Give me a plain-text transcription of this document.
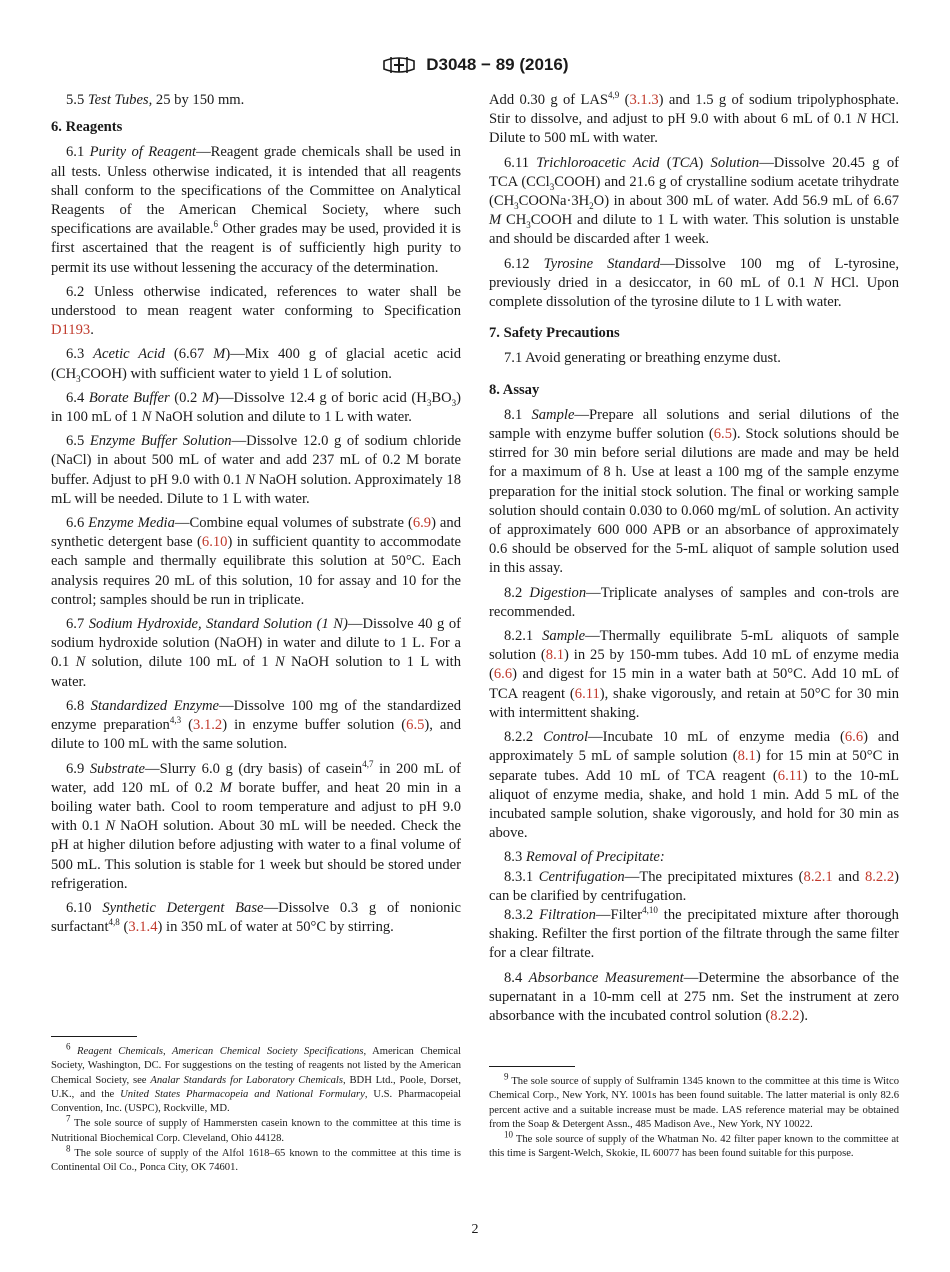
D3048 − 89 (2016)

5.5 Test Tubes, 25 by 150 mm.

6. Reagents

6.1 Purity of Reagent—Reagent grade chemicals shall be used in all tests. Unless otherwise indicated, it is intended that all reagents shall conform to the specifications of the Committee on Analytical Reagents of the American Chemical Society, where such specifications are available.$^6$ Other grades may be used, provided it is first ascertained that the reagent is of sufficiently high purity to permit its use without lessening the accuracy of the determination.

6.2 Unless otherwise indicated, references to water shall be understood to mean reagent water conforming to Specification D1193.

6.3 Acetic Acid (6.67 M)—Mix 400 g of glacial acetic acid $(CH_3COOH)$ with sufficient water to yield 1 L of solution.

6.4 Borate Buffer (0.2 M)—Dissolve 12.4 g of boric acid $(H_3BO_3)$ in 100 mL of 1 N NaOH solution and dilute to 1 L with water.

6.5 Enzyme Buffer Solution—Dissolve 12.0 g of sodium chloride (NaCl) in about 500 mL of water and add 237 mL of 0.2 M borate buffer. Adjust to pH 9.0 with 0.1 N NaOH solution. Approximately 18 mL will be needed. Dilute to 1 L with water.

6.6 Enzyme Media—Combine equal volumes of substrate (6.9) and synthetic detergent base (6.10) in sufficient quantity to accommodate each sample and thermally equilibrate this solution at 50°C. Each analysis requires 20 mL of this solution, 10 for assay and 10 for the control; samples should be run in triplicate.

6.7 Sodium Hydroxide, Standard Solution (1 N)—Dissolve 40 g of sodium hydroxide solution (NaOH) in water and dilute to 1 L. For a 0.1 N solution, dilute 100 mL of 1 N NaOH solution to 1 L with water.

6.8 Standardized Enzyme—Dissolve 100 mg of the standardized enzyme preparation$^{4,3}$ (3.1.2) in enzyme buffer solution (6.5), and dilute to 100 mL with the same solution.

6.9 Substrate—Slurry 6.0 g (dry basis) of casein$^{4,7}$ in 200 mL of water, add 120 mL of 0.2 M borate buffer, and heat 20 min in a boiling water bath. Cool to room temperature and adjust to pH 9.0 with 0.1 N NaOH solution. About 30 mL will be needed. Check the pH at higher dilution before adjusting with water to a final volume of 500 mL. This solution is stable for 1 week but should be stored under refrigeration.

6.10 Synthetic Detergent Base—Dissolve 0.3 g of nonionic surfactant$^{4,8}$ (3.1.4) in 350 mL of water at 50°C by stirring.

Add 0.30 g of LAS$^{4,9}$ (3.1.3) and 1.5 g of sodium tripolyphosphate. Stir to dissolve, and adjust to pH 9.0 with about 6 mL of 0.1 N HCl. Dilute to 500 mL with water.

6.11 Trichloroacetic Acid (TCA) Solution—Dissolve 20.45 g of TCA (CCl$_3$COOH) and 21.6 g of crystalline sodium acetate trihydrate $(CH_3COONa\cdot 3H_2O)$ in about 300 mL of water. Add 56.9 mL of 6.67 M $CH_3COOH$ and dilute to 1 L with water. This solution is unstable and should be discarded after 1 week.

6.12 Tyrosine Standard—Dissolve 100 mg of L-tyrosine, previously dried in a desiccator, in 60 mL of 0.1 N HCl. Upon complete dissolution of the tyrosine dilute to 1 L with water.

7. Safety Precautions

7.1 Avoid generating or breathing enzyme dust.

8. Assay

8.1 Sample—Prepare all solutions and serial dilutions of the sample with enzyme buffer solution (6.5). Stock solutions should be stirred for 30 min before serial dilutions are made and may be held for a maximum of 8 h. Use at least a 100 mg of the sample enzyme preparation for the initial stock solution. The final or working sample solution should contain 0.030 to 0.060 mg/mL of solution. An activity of approximately 600 000 APB or an absorbance of approximately 0.6 should be observed for the 5-mL aliquot of sample solution used in this assay.

8.2 Digestion—Triplicate analyses of samples and con-trols are recommended.

8.2.1 Sample—Thermally equilibrate 5-mL aliquots of sample solution (8.1) in 25 by 150-mm tubes. Add 10 mL of enzyme media (6.6) and digest for 15 min in a water bath at 50°C. Add 10 mL of TCA reagent (6.11), shake vigorously, and retain at 50°C for 30 min with intermittent shaking.

8.2.2 Control—Incubate 10 mL of enzyme media (6.6) and approximately 5 mL of sample solution (8.1) for 15 min at 50°C in separate tubes. Add 10 mL of TCA reagent (6.11) to the 10-mL aliquot of enzyme media, shake, and hold 1 min. Add 5 mL of the incubated sample solution, shake vigorously, and hold for 30 min as above.

8.3 Removal of Precipitate:

8.3.1 Centrifugation—The precipitated mixtures (8.2.1 and 8.2.2) can be clarified by centrifugation.

8.3.2 Filtration—Filter$^{4,10}$ the precipitated mixture after thorough shaking. Refilter the first portion of the filtrate through the same filter for a clear filtrate.

8.4 Absorbance Measurement—Determine the absorbance of the supernatant in a 10-mm cell at 275 nm. Set the instrument at zero absorbance with the incubated control solution (8.2.2).

$^6$ Reagent Chemicals, American Chemical Society Specifications, American Chemical Society, Washington, DC. For suggestions on the testing of reagents not listed by the American Chemical Society, see Analar Standards for Laboratory Chemicals, BDH Ltd., Poole, Dorset, U.K., and the United States Pharmacopeia and National Formulary, U.S. Pharmacopeial Convention, Inc. (USPC), Rockville, MD.

$^7$ The sole source of supply of Hammersten casein known to the committee at this time is Nutritional Biochemical Corp. Cleveland, Ohio 44128.

$^8$ The sole source of supply of the Alfol 1618–65 known to the committee at this time is Continental Oil Co., Ponca City, OK 74601.

$^9$ The sole source of supply of Sulframin 1345 known to the committee at this time is Witco Chemical Corp., New York, NY. 1001s has been found suitable. The latter material is only 82.6 percent active and a suitable increase must be made. LAS reference material may be obtained from the Soap & Detergent Assn., 485 Madison Ave., New York, NY 10022.

$^{10}$ The sole source of supply of the Whatman No. 42 filter paper known to the committee at this time is Sargent-Welch, Skokie, IL 60077 has been found suitable for this purpose.

2
